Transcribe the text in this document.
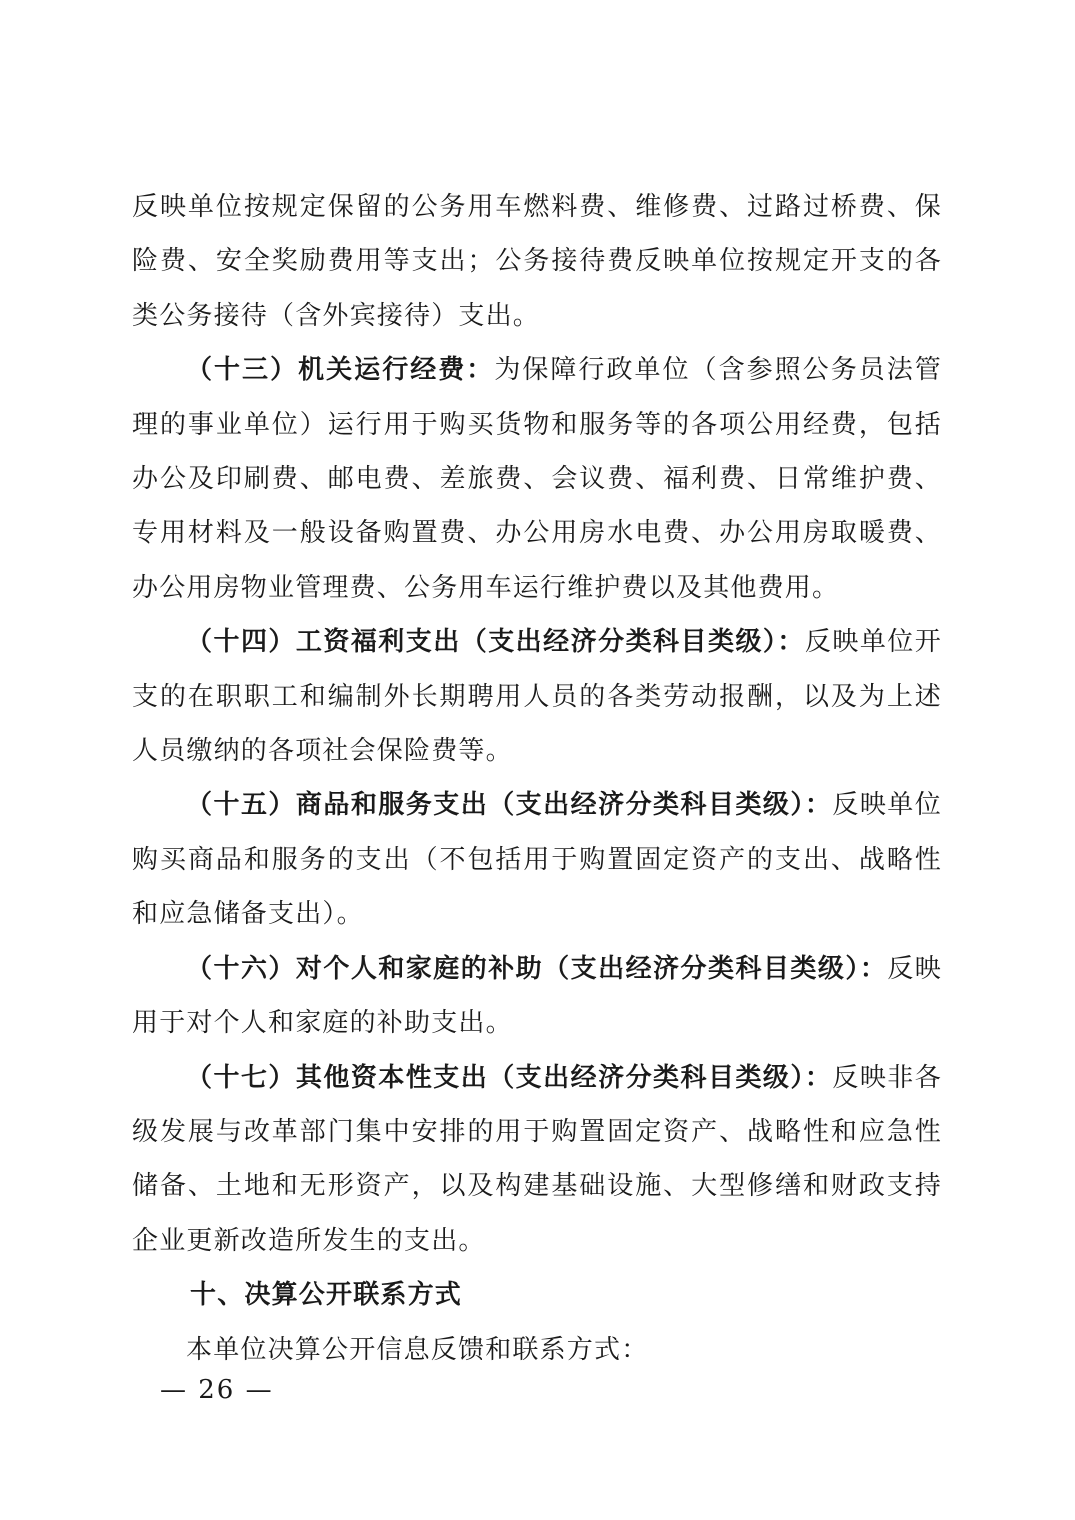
反映单位按规定保留的公务用车燃料费、维修费、过路过桥费、保险费、安全奖励费用等支出；公务接待费反映单位按规定开支的各类公务接待（含外宾接待）支出。

（十三）机关运行经费：为保障行政单位（含参照公务员法管理的事业单位）运行用于购买货物和服务等的各项公用经费，包括办公及印刷费、邮电费、差旅费、会议费、福利费、日常维护费、专用材料及一般设备购置费、办公用房水电费、办公用房取暖费、办公用房物业管理费、公务用车运行维护费以及其他费用。

（十四）工资福利支出（支出经济分类科目类级）：反映单位开支的在职职工和编制外长期聘用人员的各类劳动报酬，以及为上述人员缴纳的各项社会保险费等。

（十五）商品和服务支出（支出经济分类科目类级）：反映单位购买商品和服务的支出（不包括用于购置固定资产的支出、战略性和应急储备支出）。

（十六）对个人和家庭的补助（支出经济分类科目类级）：反映用于对个人和家庭的补助支出。

（十七）其他资本性支出（支出经济分类科目类级）：反映非各级发展与改革部门集中安排的用于购置固定资产、战略性和应急性储备、土地和无形资产，以及构建基础设施、大型修缮和财政支持企业更新改造所发生的支出。

十、决算公开联系方式

本单位决算公开信息反馈和联系方式：

— 26 —
